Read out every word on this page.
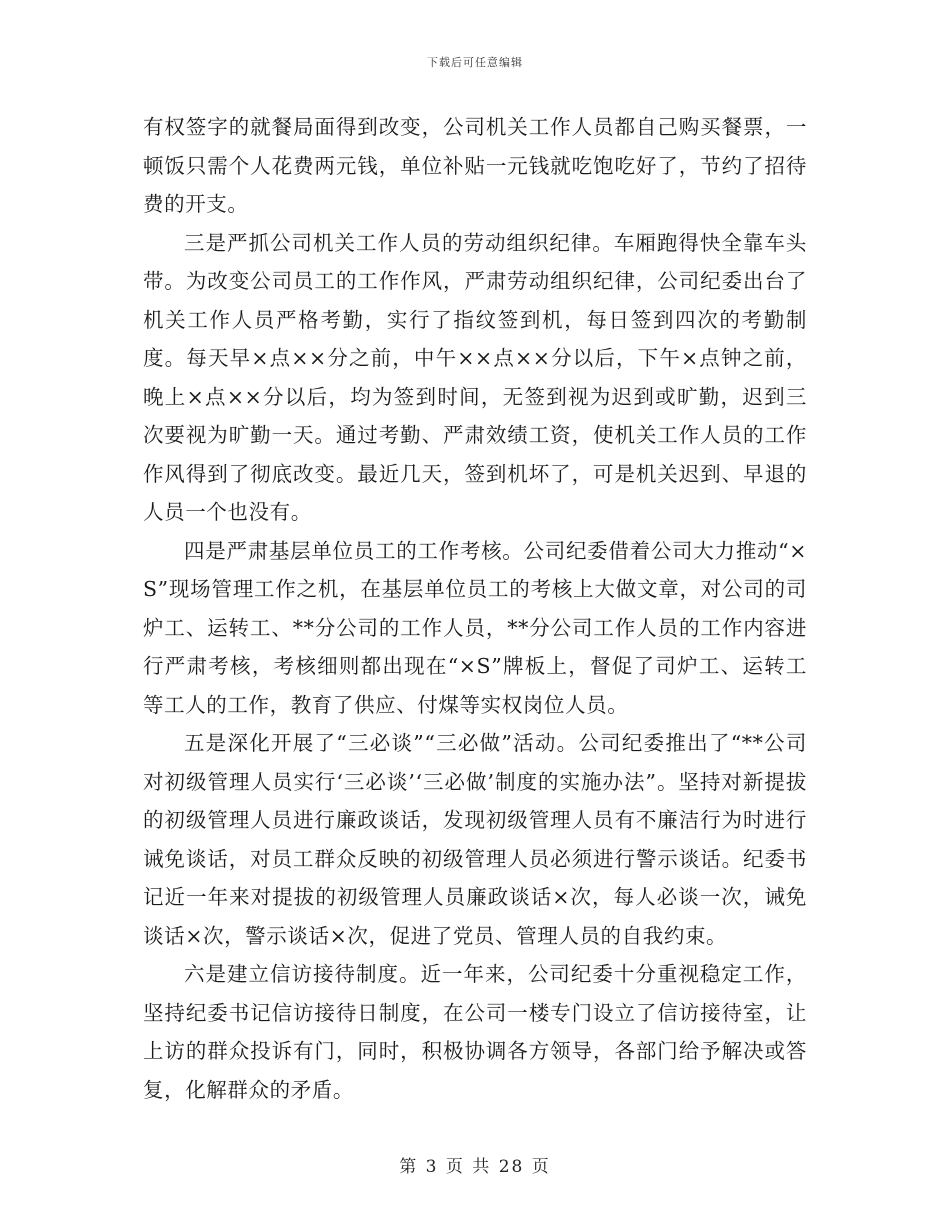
下载后可任意编辑

有权签字的就餐局面得到改变，公司机关工作人员都自己购买餐票，一顿饭只需个人花费两元钱，单位补贴一元钱就吃饱吃好了，节约了招待费的开支。

三是严抓公司机关工作人员的劳动组织纪律。车厢跑得快全靠车头带。为改变公司员工的工作作风，严肃劳动组织纪律，公司纪委出台了机关工作人员严格考勤，实行了指纹签到机，每日签到四次的考勤制度。每天早×点××分之前，中午××点××分以后，下午×点钟之前，晚上×点××分以后，均为签到时间，无签到视为迟到或旷勤，迟到三次要视为旷勤一天。通过考勤、严肃效绩工资，使机关工作人员的工作作风得到了彻底改变。最近几天，签到机坏了，可是机关迟到、早退的人员一个也没有。

四是严肃基层单位员工的工作考核。公司纪委借着公司大力推动“×S”现场管理工作之机，在基层单位员工的考核上大做文章，对公司的司炉工、运转工、**分公司的工作人员，**分公司工作人员的工作内容进行严肃考核，考核细则都出现在“×S”牌板上，督促了司炉工、运转工等工人的工作，教育了供应、付煤等实权岗位人员。

五是深化开展了“三必谈”“三必做”活动。公司纪委推出了“**公司对初级管理人员实行‘三必谈’‘三必做’制度的实施办法”。坚持对新提拔的初级管理人员进行廉政谈话，发现初级管理人员有不廉洁行为时进行诫免谈话，对员工群众反映的初级管理人员必须进行警示谈话。纪委书记近一年来对提拔的初级管理人员廉政谈话×次，每人必谈一次，诫免谈话×次，警示谈话×次，促进了党员、管理人员的自我约束。

六是建立信访接待制度。近一年来，公司纪委十分重视稳定工作，坚持纪委书记信访接待日制度，在公司一楼专门设立了信访接待室，让上访的群众投诉有门，同时，积极协调各方领导，各部门给予解决或答复，化解群众的矛盾。

第 3 页 共 28 页
